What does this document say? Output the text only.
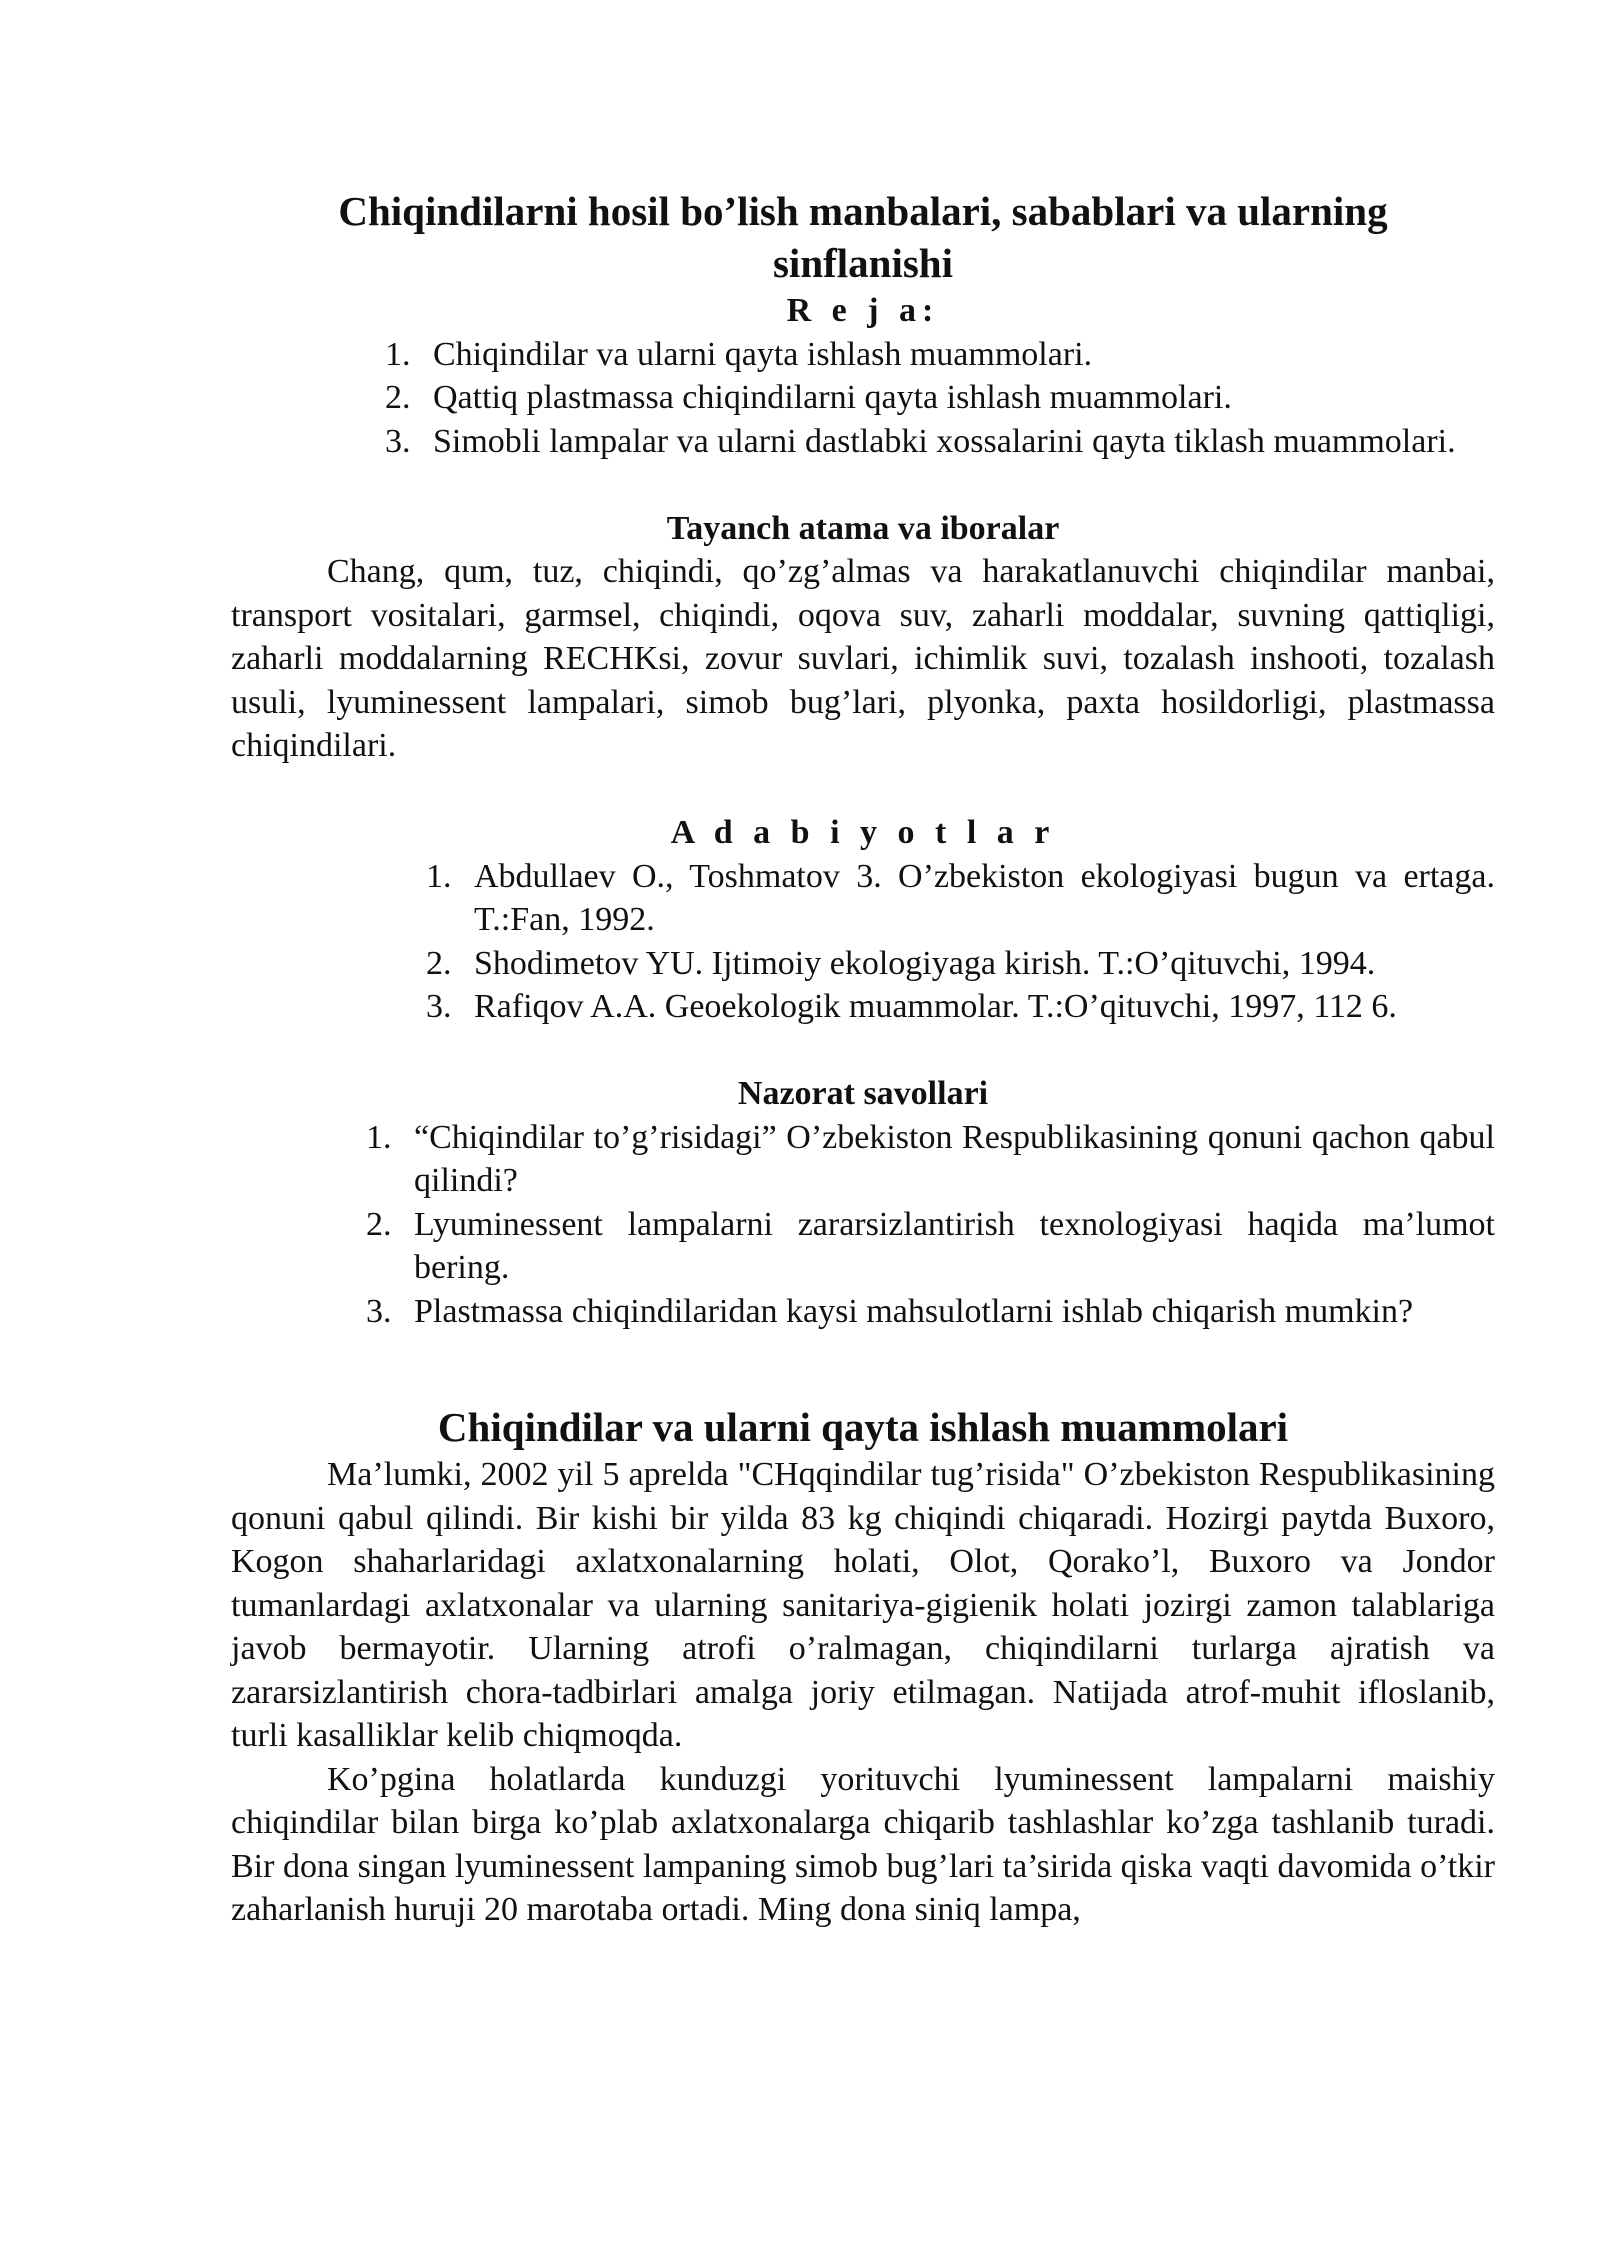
Chiqindilarni hosil bo’lish manbalari, sabablari va ularning

sinflanishi

R e j a:

1. Chiqindilar va ularni qayta ishlash muammolari.
2. Qattiq plastmassa chiqindilarni qayta ishlash muammolari.
3. Simobli lampalar va ularni dastlabki xossalarini qayta tiklash muammolari.

Tayanch atama va iboralar

Chang, qum, tuz, chiqindi, qo’zg’almas va harakatlanuvchi chiqindilar manbai, transport vositalari, garmsel, chiqindi, oqova suv, zaharli moddalar, suvning qattiqligi, zaharli moddalarning RECHKsi, zovur suvlari, ichimlik suvi, tozalash inshooti, tozalash usuli, lyuminessent lampalari, simob bug’lari, plyonka, paxta hosildorligi, plastmassa chiqindilari.

A d a b i y o t l a r

1. Abdullaev O., Toshmatov 3. O’zbekiston ekologiyasi bugun va ertaga. T.:Fan, 1992.
2. Shodimetov YU. Ijtimoiy ekologiyaga kirish. T.:O’qituvchi, 1994.
3. Rafiqov A.A. Geoekologik muammolar. T.:O’qituvchi, 1997, 112 6.

Nazorat savollari

1. “Chiqindilar to’g’risidagi” O’zbekiston Respublikasining qonuni qachon qabul qilindi?
2. Lyuminessent lampalarni zararsizlantirish texnologiyasi haqida ma’lumot bering.
3. Plastmassa chiqindilaridan kaysi mahsulotlarni ishlab chiqarish mumkin?

Chiqindilar va ularni qayta ishlash muammolari

Ma’lumki, 2002 yil 5 aprelda "CHqqindilar tug’risida" O’zbekiston Respublikasining qonuni qabul qilindi. Bir kishi bir yilda 83 kg chiqindi chiqaradi. Hozirgi paytda Buxoro, Kogon shaharlaridagi axlatxonalarning holati, Olot, Qorako’l, Buxoro va Jondor tumanlardagi axlatxonalar va ularning sanitariya-gigienik holati jozirgi zamon talablariga javob bermayotir. Ularning atrofi o’ralmagan, chiqindilarni turlarga ajratish va zararsizlantirish chora-tadbirlari amalga joriy etilmagan. Natijada atrof-muhit ifloslanib, turli kasalliklar kelib chiqmoqda.

Ko’pgina holatlarda kunduzgi yorituvchi lyuminessent lampalarni maishiy chiqindilar bilan birga ko’plab axlatxonalarga chiqarib tashlashlar ko’zga tashlanib turadi. Bir dona singan lyuminessent lampaning simob bug’lari ta’sirida qiska vaqti davomida o’tkir zaharlanish huruji 20 marotaba ortadi. Ming dona siniq lampa,
